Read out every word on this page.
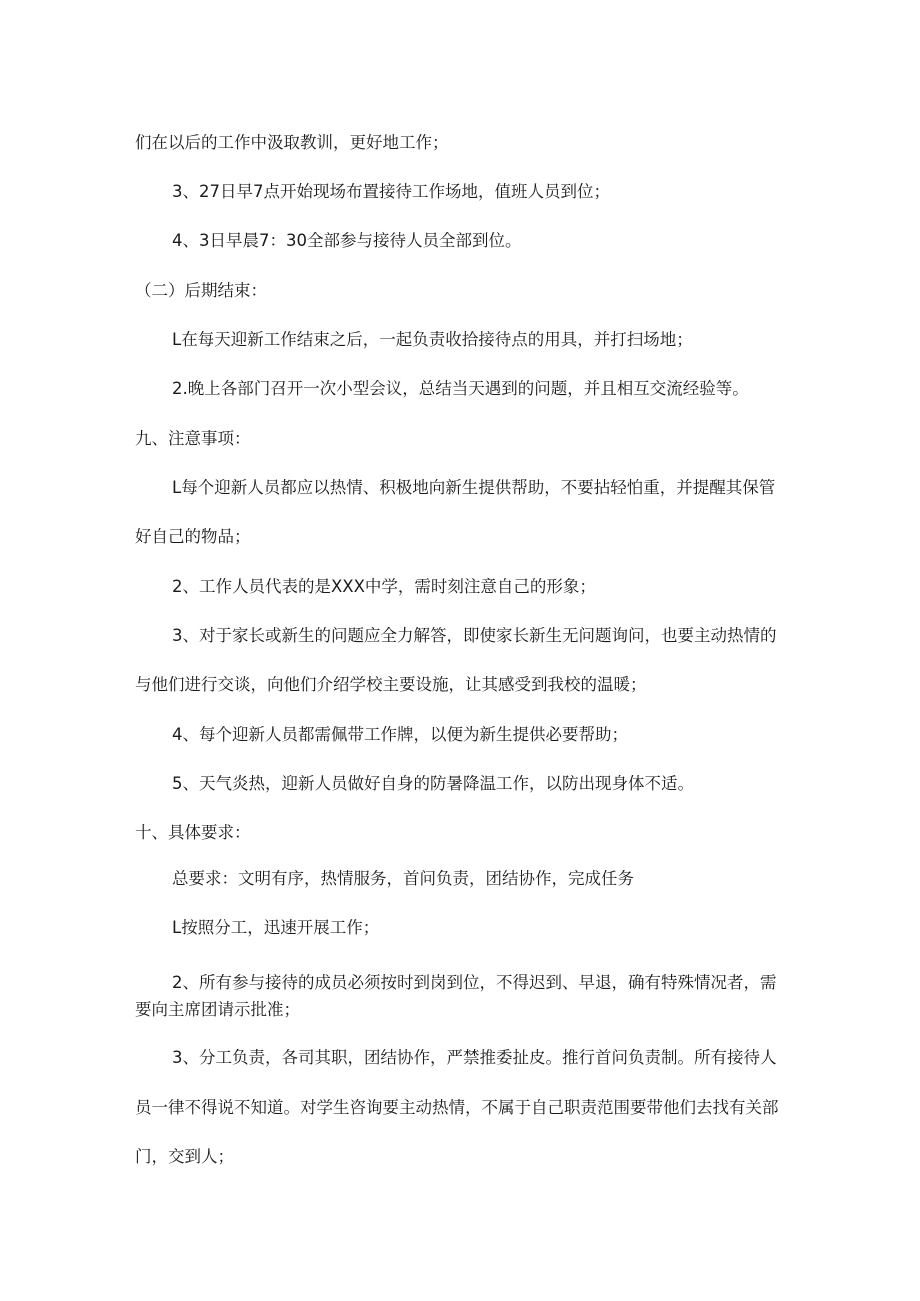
们在以后的工作中汲取教训，更好地工作；

3、27日早7点开始现场布置接待工作场地，值班人员到位；

4、3日早晨7：30全部参与接待人员全部到位。

（二）后期结束：

L在每天迎新工作结束之后，一起负责收拾接待点的用具，并打扫场地；

2.晚上各部门召开一次小型会议，总结当天遇到的问题，并且相互交流经验等。

九、注意事项：

L每个迎新人员都应以热情、积极地向新生提供帮助，不要拈轻怕重，并提醒其保管

好自己的物品；

2、工作人员代表的是XXX中学，需时刻注意自己的形象；

3、对于家长或新生的问题应全力解答，即使家长新生无问题询问，也要主动热情的

与他们进行交谈，向他们介绍学校主要设施，让其感受到我校的温暖；

4、每个迎新人员都需佩带工作牌，以便为新生提供必要帮助；

5、天气炎热，迎新人员做好自身的防暑降温工作，以防出现身体不适。

十、具体要求：

总要求：文明有序，热情服务，首问负责，团结协作，完成任务

L按照分工，迅速开展工作；

2、所有参与接待的成员必须按时到岗到位，不得迟到、早退，确有特殊情况者，需

要向主席团请示批准；

3、分工负责，各司其职，团结协作，严禁推委扯皮。推行首问负责制。所有接待人

员一律不得说不知道。对学生咨询要主动热情，不属于自己职责范围要带他们去找有关部

门，交到人；
